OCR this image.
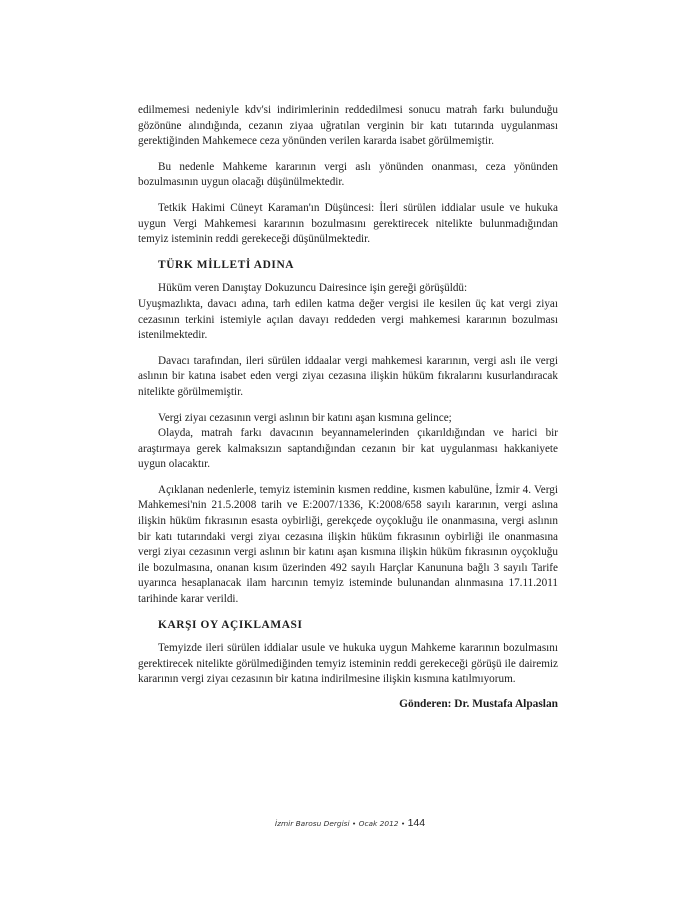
edilmemesi nedeniyle kdv'si indirimlerinin reddedilmesi sonucu matrah farkı bulunduğu gözönüne alındığında, cezanın ziyaa uğratılan verginin bir katı tutarında uygulanması gerektiğinden Mahkemece ceza yönünden verilen kararda isabet görülmemiştir.

Bu nedenle Mahkeme kararının vergi aslı yönünden onanması, ceza yönünden bozulmasının uygun olacağı düşünülmektedir.

Tetkik Hakimi Cüneyt Karaman'ın Düşüncesi: İleri sürülen iddialar usule ve hukuka uygun Vergi Mahkemesi kararının bozulmasını gerektirecek nitelikte bulunmadığından temyiz isteminin reddi gerekeceği düşünülmektedir.

TÜRK MİLLETİ ADINA

Hüküm veren Danıştay Dokuzuncu Dairesince işin gereği görüşüldü:

Uyuşmazlıkta, davacı adına, tarh edilen katma değer vergisi ile kesilen üç kat vergi ziyaı cezasının terkini istemiyle açılan davayı reddeden vergi mahkemesi kararının bozulması istenilmektedir.

Davacı tarafından, ileri sürülen iddaalar vergi mahkemesi kararının, vergi aslı ile vergi aslının bir katına isabet eden vergi ziyaı cezasına ilişkin hüküm fıkralarını kusurlandıracak nitelikte görülmemiştir.

Vergi ziyaı cezasının vergi aslının bir katını aşan kısmına gelince;

Olayda, matrah farkı davacının beyannamelerinden çıkarıldığından ve harici bir araştırmaya gerek kalmaksızın saptandığından cezanın bir kat uygulanması hakkaniyete uygun olacaktır.

Açıklanan nedenlerle, temyiz isteminin kısmen reddine, kısmen kabulüne, İzmir 4. Vergi Mahkemesi'nin 21.5.2008 tarih ve E:2007/1336, K:2008/658 sayılı kararının, vergi aslına ilişkin hüküm fıkrasının esasta oybirliği, gerekçede oyçokluğu ile onanmasına, vergi aslının bir katı tutarındaki vergi ziyaı cezasına ilişkin hüküm fıkrasının oybirliği ile onanmasına vergi ziyaı cezasının vergi aslının bir katını aşan kısmına ilişkin hüküm fıkrasının oyçokluğu ile bozulmasına, onanan kısım üzerinden 492 sayılı Harçlar Kanununa bağlı 3 sayılı Tarife uyarınca hesaplanacak ilam harcının temyiz isteminde bulunandan alınmasına 17.11.2011 tarihinde karar verildi.

KARŞI OY AÇIKLAMASI

Temyizde ileri sürülen iddialar usule ve hukuka uygun Mahkeme kararının bozulmasını gerektirecek nitelikte görülmediğinden temyiz isteminin reddi gerekeceği görüşü ile dairemiz kararının vergi ziyaı cezasının bir katına indirilmesine ilişkin kısmına katılmıyorum.

Gönderen: Dr. Mustafa Alpaslan

İzmir Barosu Dergisi • Ocak 2012 • 144
